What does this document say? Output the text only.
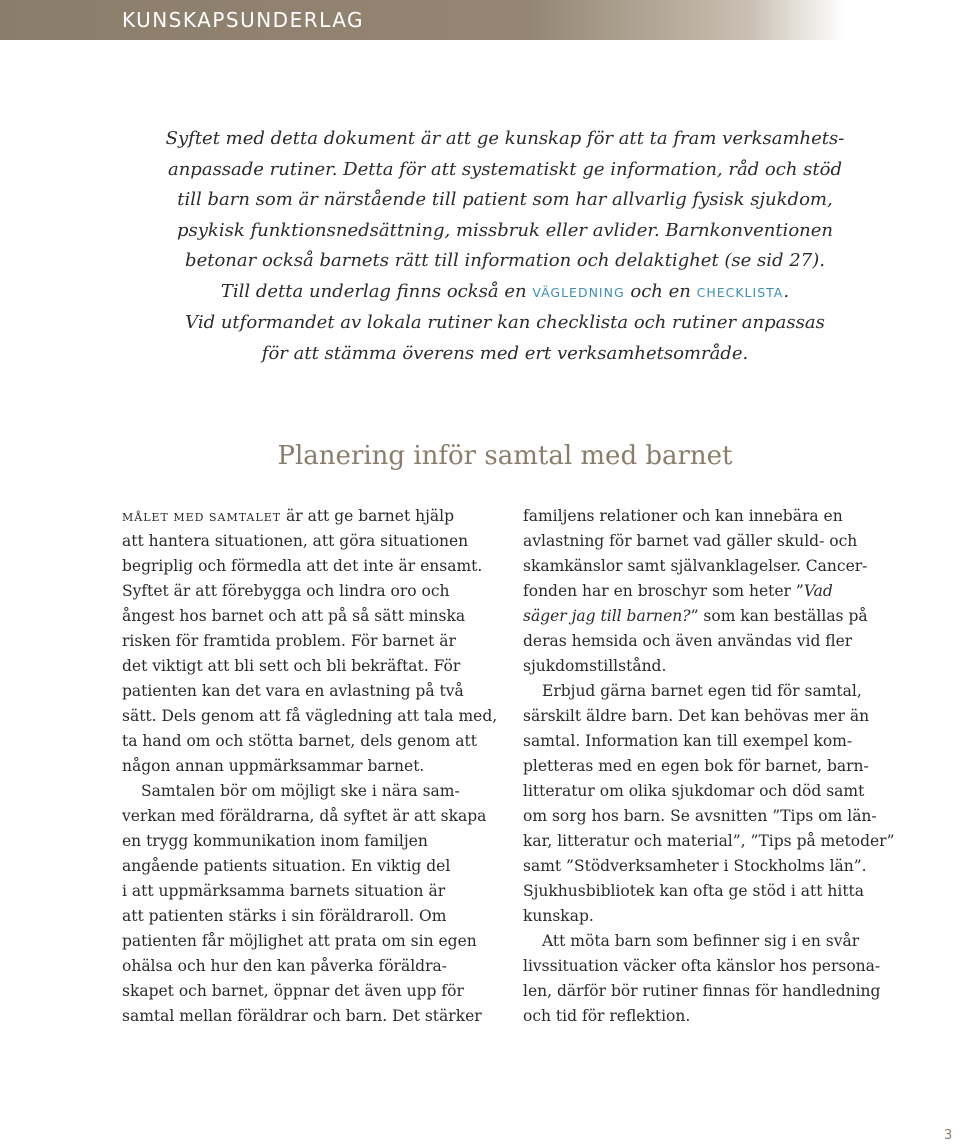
KUNSKAPSUNDERLAG
Syftet med detta dokument är att ge kunskap för att ta fram verksamhets-
anpassade rutiner. Detta för att systematiskt ge information, råd och stöd
till barn som är närstående till patient som har allvarlig fysisk sjukdom,
psykisk funktionsnedsättning, missbruk eller avlider. Barnkonventionen
betonar också barnets rätt till information och delaktighet (se sid 27).
Till detta underlag finns också en VÄGLEDNING och en CHECKLISTA.
Vid utformandet av lokala rutiner kan checklista och rutiner anpassas
för att stämma överens med ert verksamhetsområde.
Planering inför samtal med barnet
målet med samtalet är att ge barnet hjälp
att hantera situationen, att göra situationen
begriplig och förmedla att det inte är ensamt.
Syftet är att förebygga och lindra oro och
ångest hos barnet och att på så sätt minska
risken för framtida problem. För barnet är
det viktigt att bli sett och bli bekräftat. För
patienten kan det vara en avlastning på två
sätt. Dels genom att få vägledning att tala med,
ta hand om och stötta barnet, dels genom att
någon annan uppmärksammar barnet.
Samtalen bör om möjligt ske i nära sam-
verkan med föräldrarna, då syftet är att skapa
en trygg kommunikation inom familjen
angående patients situation. En viktig del
i att uppmärksamma barnets situation är
att patienten stärks i sin föräldraroll. Om
patienten får möjlighet att prata om sin egen
ohälsa och hur den kan påverka föräldra-
skapet och barnet, öppnar det även upp för
samtal mellan föräldrar och barn. Det stärker
familjens relationer och kan innebära en
avlastning för barnet vad gäller skuld- och
skamkänslor samt självanklagelser. Cancer-
fonden har en broschyr som heter ”Vad
säger jag till barnen?” som kan beställas på
deras hemsida och även användas vid fler
sjukdomstillstånd.
Erbjud gärna barnet egen tid för samtal,
särskilt äldre barn. Det kan behövas mer än
samtal. Information kan till exempel kom-
pletteras med en egen bok för barnet, barn-
litteratur om olika sjukdomar och död samt
om sorg hos barn. Se avsnitten ”Tips om län-
kar, litteratur och material”, ”Tips på metoder”
samt ”Stödverksamheter i Stockholms län”.
Sjukhusbibliotek kan ofta ge stöd i att hitta
kunskap.
Att möta barn som befinner sig i en svår
livssituation väcker ofta känslor hos persona-
len, därför bör rutiner finnas för handledning
och tid för reflektion.
3
